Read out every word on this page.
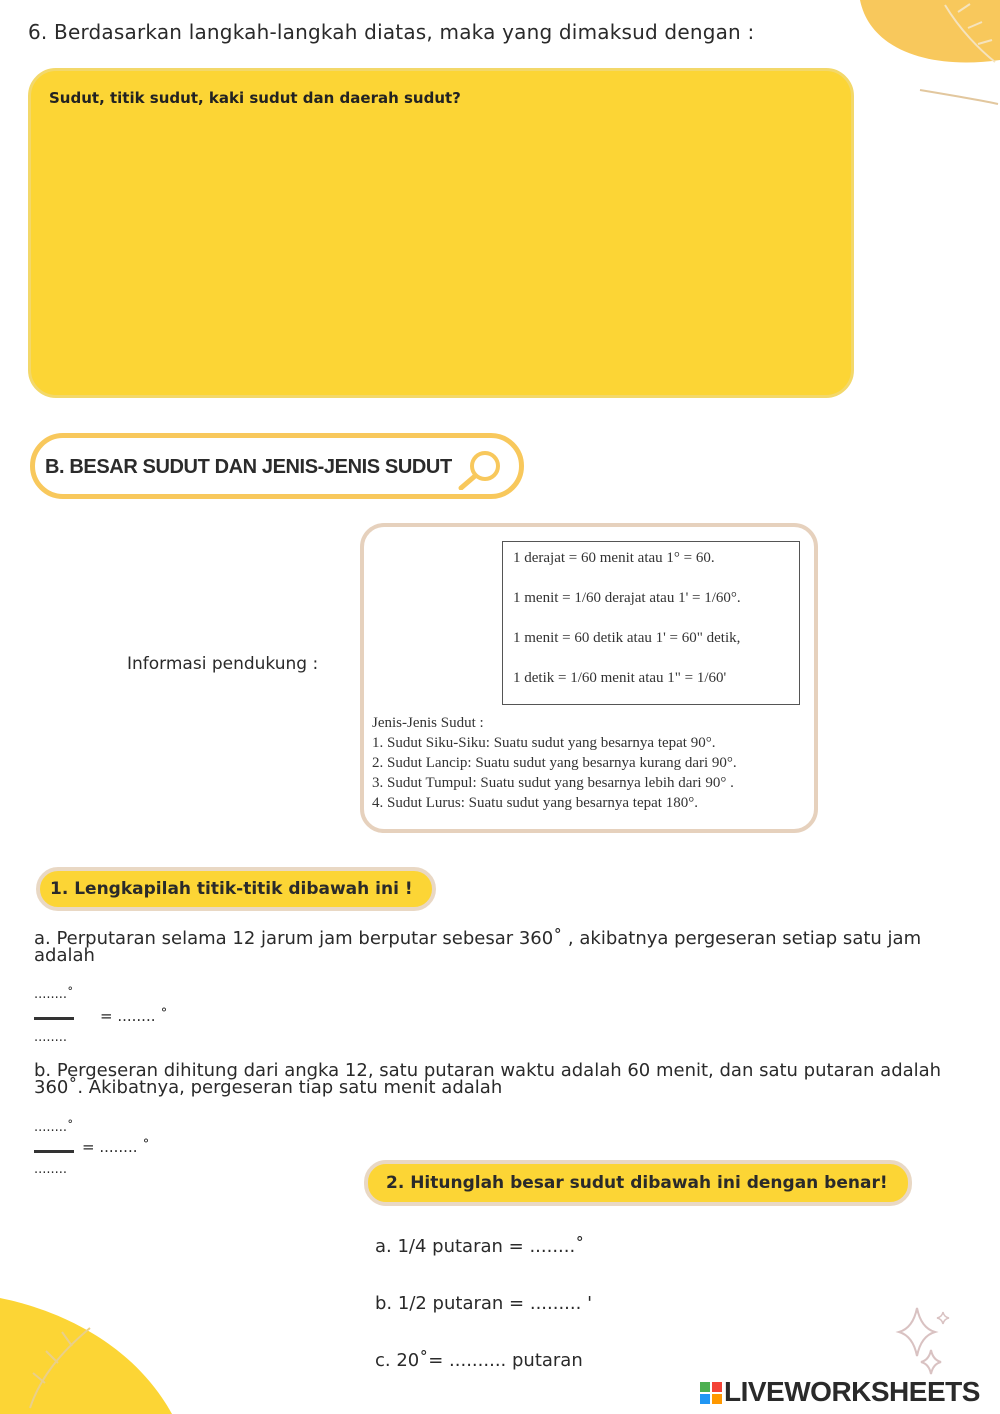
6. Berdasarkan langkah-langkah diatas, maka yang dimaksud dengan :
Sudut, titik sudut, kaki sudut dan daerah sudut?
B. BESAR SUDUT DAN JENIS-JENIS SUDUT
Informasi pendukung :
1 derajat = 60 menit atau 1° = 60.
1 menit = 1/60 derajat atau 1' = 1/60°.
1 menit = 60 detik atau 1' = 60" detik,
1 detik = 1/60 menit atau 1" = 1/60'
Jenis-Jenis Sudut :
1. Sudut Siku-Siku: Suatu sudut yang besarnya tepat 90°.
2. Sudut Lancip: Suatu sudut yang besarnya kurang dari 90°.
3. Sudut Tumpul: Suatu sudut yang besarnya lebih dari 90° .
4. Sudut Lurus: Suatu sudut yang besarnya tepat 180°.
1. Lengkapilah titik-titik dibawah ini !
a. Perputaran selama 12 jarum jam berputar sebesar 360˚ , akibatnya pergeseran setiap satu jam adalah
........˚
........
= ........ ˚
b. Pergeseran dihitung dari angka 12, satu putaran waktu adalah 60 menit, dan satu putaran adalah 360˚. Akibatnya, pergeseran tiap satu menit adalah
........˚
........
= ........ ˚
2. Hitunglah besar sudut dibawah ini dengan benar!
a. 1/4 putaran = ........˚
b. 1/2 putaran = ......... '
c. 20˚= .......... putaran
LIVEWORKSHEETS
